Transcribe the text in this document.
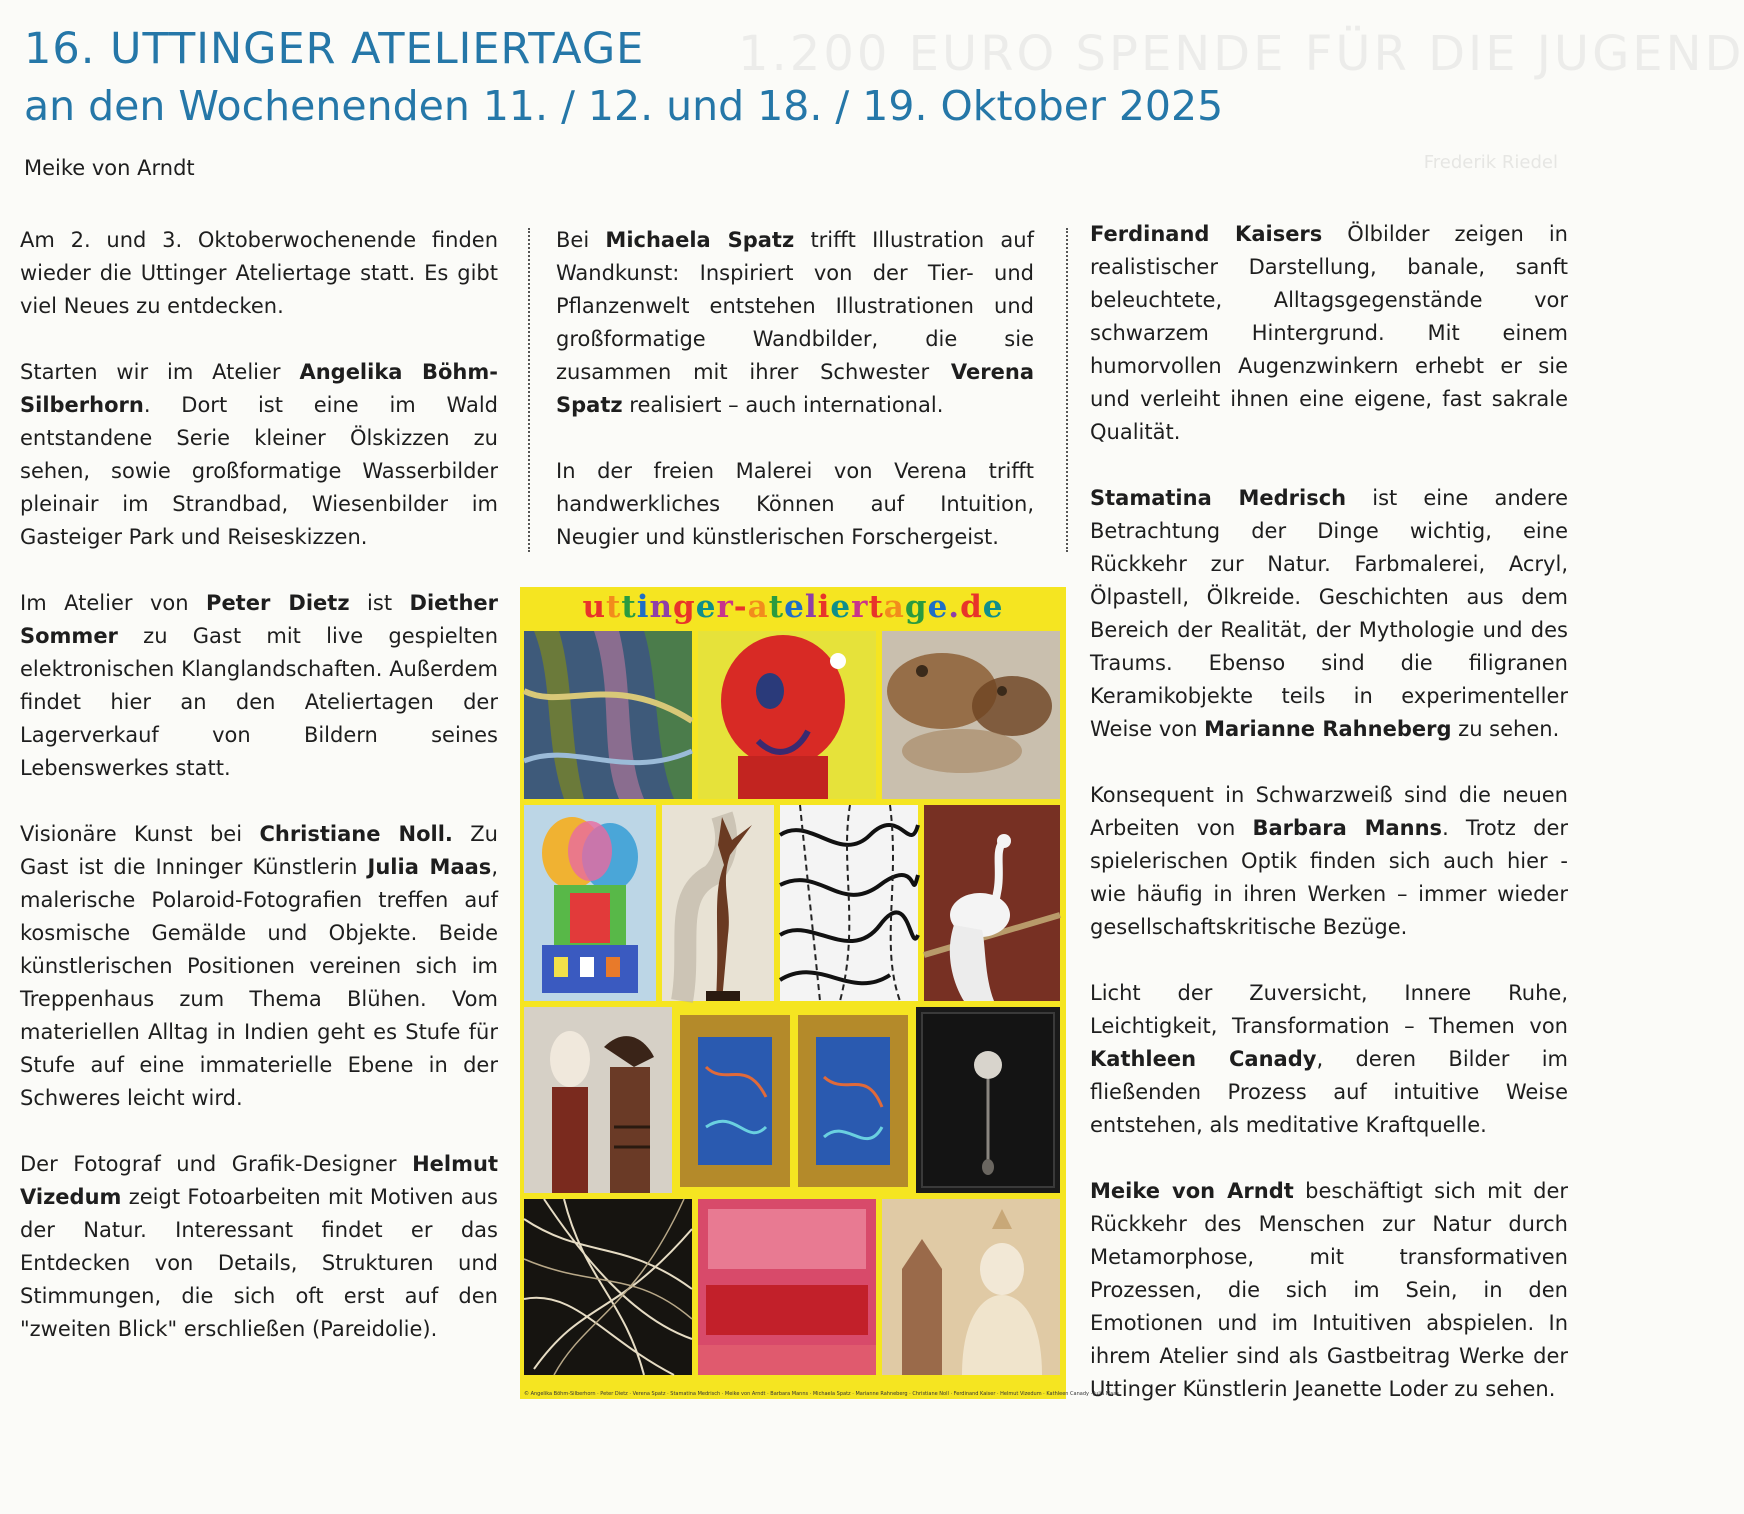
1.200 EURO SPENDE FÜR DIE JUGEND
Frederik Riedel
16. UTTINGER ATELIERTAGE
an den Wochenenden 11. / 12. und 18. / 19. Oktober 2025

Meike von Arndt

Am 2. und 3. Oktoberwochenende finden wieder die Uttinger Ateliertage statt. Es gibt viel Neues zu entdecken.

Starten wir im Atelier Angelika Böhm-Silberhorn. Dort ist eine im Wald entstandene Serie kleiner Ölskizzen zu sehen, sowie großformatige Wasserbilder pleinair im Strandbad, Wiesenbilder im Gasteiger Park und Reiseskizzen.

Im Atelier von Peter Dietz ist Diether Sommer zu Gast mit live gespielten elektronischen Klanglandschaften. Außerdem findet hier an den Ateliertagen der Lagerverkauf von Bildern seines Lebenswerkes statt.

Visionäre Kunst bei Christiane Noll. Zu Gast ist die Inninger Künstlerin Julia Maas, malerische Polaroid-Fotografien treffen auf kosmische Gemälde und Objekte. Beide künstlerischen Positionen vereinen sich im Treppenhaus zum Thema Blühen. Vom materiellen Alltag in Indien geht es Stufe für Stufe auf eine immaterielle Ebene in der Schweres leicht wird.

Der Fotograf und Grafik-Designer Helmut Vizedum zeigt Fotoarbeiten mit Motiven aus der Natur. Interessant findet er das Entdecken von Details, Strukturen und Stimmungen, die sich oft erst auf den "zweiten Blick" erschließen (Pareidolie).

Bei Michaela Spatz trifft Illustration auf Wandkunst: Inspiriert von der Tier- und Pflanzenwelt entstehen Illustrationen und großformatige Wandbilder, die sie zusammen mit ihrer Schwester Verena Spatz realisiert – auch international.

In der freien Malerei von Verena trifft handwerkliches Können auf Intuition, Neugier und künstlerischen Forschergeist.

Ferdinand Kaisers Ölbilder zeigen in realistischer Darstellung, banale, sanft beleuchtete, Alltagsgegenstände vor schwarzem Hintergrund. Mit einem humorvollen Augenzwinkern erhebt er sie und verleiht ihnen eine eigene, fast sakrale Qualität.

Stamatina Medrisch ist eine andere Betrachtung der Dinge wichtig, eine Rückkehr zur Natur. Farbmalerei, Acryl, Ölpastell, Ölkreide. Geschichten aus dem Bereich der Realität, der Mythologie und des Traums. Ebenso sind die filigranen Keramikobjekte teils in experimenteller Weise von Marianne Rahneberg zu sehen.

Konsequent in Schwarzweiß sind die neuen Arbeiten von Barbara Manns. Trotz der spielerischen Optik finden sich auch hier - wie häufig in ihren Werken – immer wieder gesellschaftskritische Bezüge.

Licht der Zuversicht, Innere Ruhe, Leichtigkeit, Transformation – Themen von Kathleen Canady, deren Bilder im fließenden Prozess auf intuitive Weise entstehen, als meditative Kraftquelle.

Meike von Arndt beschäftigt sich mit der Rückkehr des Menschen zur Natur durch Metamorphose, mit transformativen Prozessen, die sich im Sein, in den Emotionen und im Intuitiven abspielen. In ihrem Atelier sind als Gastbeitrag Werke der Uttinger Künstlerin Jeanette Loder zu sehen.

uttinger-ateliertage.de
© Angelika Böhm-Silberhorn · Peter Dietz · Verena Spatz · Stamatina Medrisch · Meike von Arndt · Barbara Manns · Michaela Spatz · Marianne Rahneberg · Christiane Noll · Ferdinand Kaiser · Helmut Vizedum · Kathleen Canady · Julia Maas
